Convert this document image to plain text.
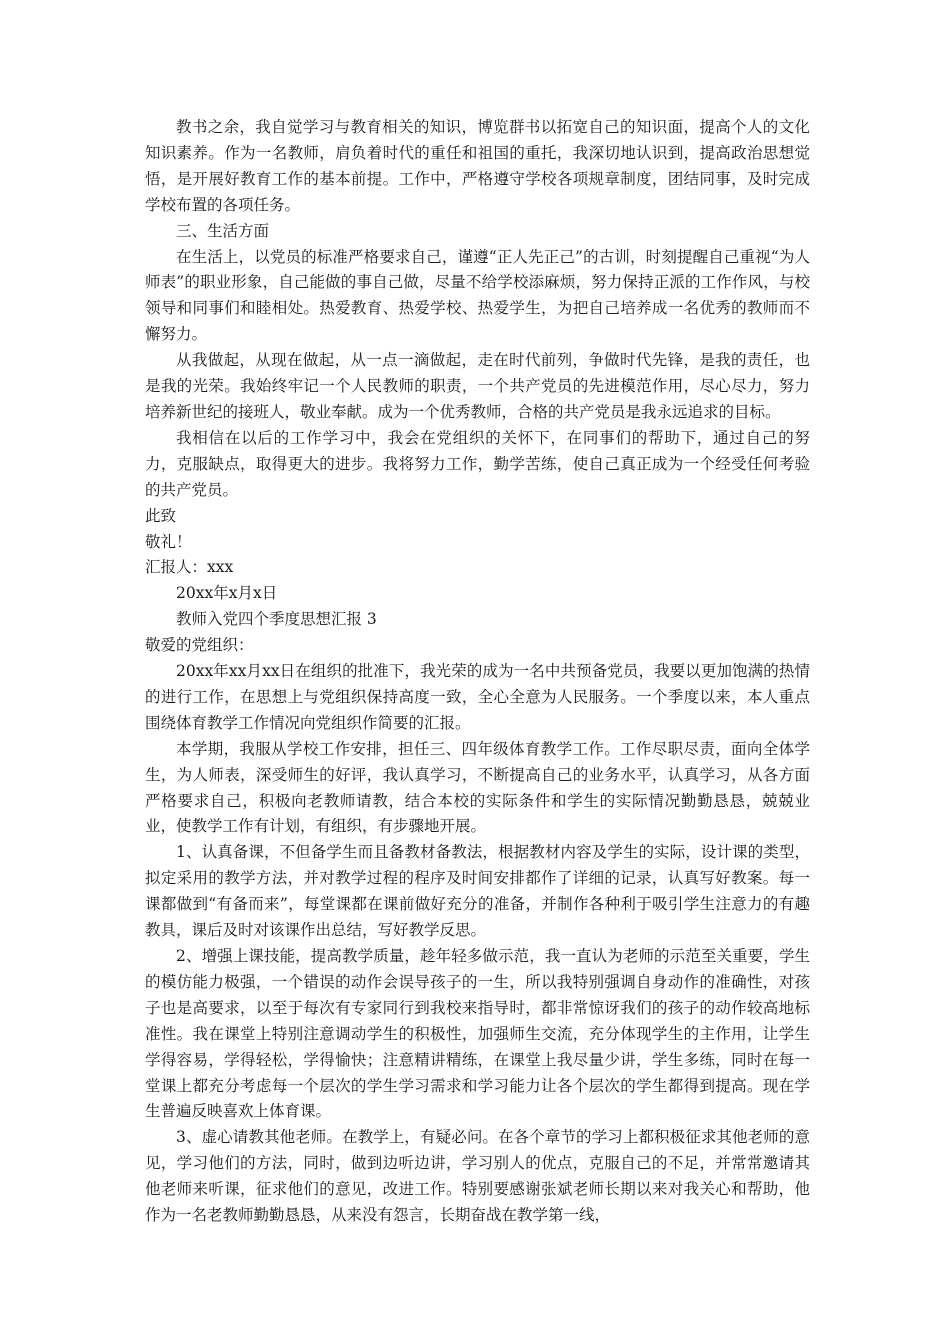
教书之余，我自觉学习与教育相关的知识，博览群书以拓宽自己的知识面，提高个人的文化知识素养。作为一名教师，肩负着时代的重任和祖国的重托，我深切地认识到，提高政治思想觉悟，是开展好教育工作的基本前提。工作中，严格遵守学校各项规章制度，团结同事，及时完成学校布置的各项任务。

三、生活方面

在生活上，以党员的标准严格要求自己，谨遵“正人先正己”的古训，时刻提醒自己重视“为人师表”的职业形象，自己能做的事自己做，尽量不给学校添麻烦，努力保持正派的工作作风，与校领导和同事们和睦相处。热爱教育、热爱学校、热爱学生，为把自己培养成一名优秀的教师而不懈努力。

从我做起，从现在做起，从一点一滴做起，走在时代前列，争做时代先锋，是我的责任，也是我的光荣。我始终牢记一个人民教师的职责，一个共产党员的先进模范作用，尽心尽力，努力培养新世纪的接班人，敬业奉献。成为一个优秀教师，合格的共产党员是我永远追求的目标。

我相信在以后的工作学习中，我会在党组织的关怀下，在同事们的帮助下，通过自己的努力，克服缺点，取得更大的进步。我将努力工作，勤学苦练，使自己真正成为一个经受任何考验的共产党员。

此致

敬礼！

汇报人：xxx

20xx年x月x日

教师入党四个季度思想汇报 3

敬爱的党组织：

20xx年xx月xx日在组织的批准下，我光荣的成为一名中共预备党员，我要以更加饱满的热情的进行工作，在思想上与党组织保持高度一致，全心全意为人民服务。一个季度以来，本人重点围绕体育教学工作情况向党组织作简要的汇报。

本学期，我服从学校工作安排，担任三、四年级体育教学工作。工作尽职尽责，面向全体学生，为人师表，深受师生的好评，我认真学习，不断提高自己的业务水平，认真学习，从各方面严格要求自己，积极向老教师请教，结合本校的实际条件和学生的实际情况勤勤恳恳，兢兢业业，使教学工作有计划，有组织，有步骤地开展。

1、认真备课，不但备学生而且备教材备教法，根据教材内容及学生的实际，设计课的类型，拟定采用的教学方法，并对教学过程的程序及时间安排都作了详细的记录，认真写好教案。每一课都做到“有备而来”，每堂课都在课前做好充分的准备，并制作各种利于吸引学生注意力的有趣教具，课后及时对该课作出总结，写好教学反思。

2、增强上课技能，提高教学质量，趁年轻多做示范，我一直认为老师的示范至关重要，学生的模仿能力极强，一个错误的动作会误导孩子的一生，所以我特别强调自身动作的准确性，对孩子也是高要求，以至于每次有专家同行到我校来指导时，都非常惊讶我们的孩子的动作较高地标准性。我在课堂上特别注意调动学生的积极性，加强师生交流，充分体现学生的主作用，让学生学得容易，学得轻松，学得愉快；注意精讲精练，在课堂上我尽量少讲，学生多练，同时在每一堂课上都充分考虑每一个层次的学生学习需求和学习能力让各个层次的学生都得到提高。现在学生普遍反映喜欢上体育课。

3、虚心请教其他老师。在教学上，有疑必问。在各个章节的学习上都积极征求其他老师的意见，学习他们的方法，同时，做到边听边讲，学习别人的优点，克服自己的不足，并常常邀请其他老师来听课，征求他们的意见，改进工作。特别要感谢张斌老师长期以来对我关心和帮助，他作为一名老教师勤勤恳恳，从来没有怨言，长期奋战在教学第一线，
